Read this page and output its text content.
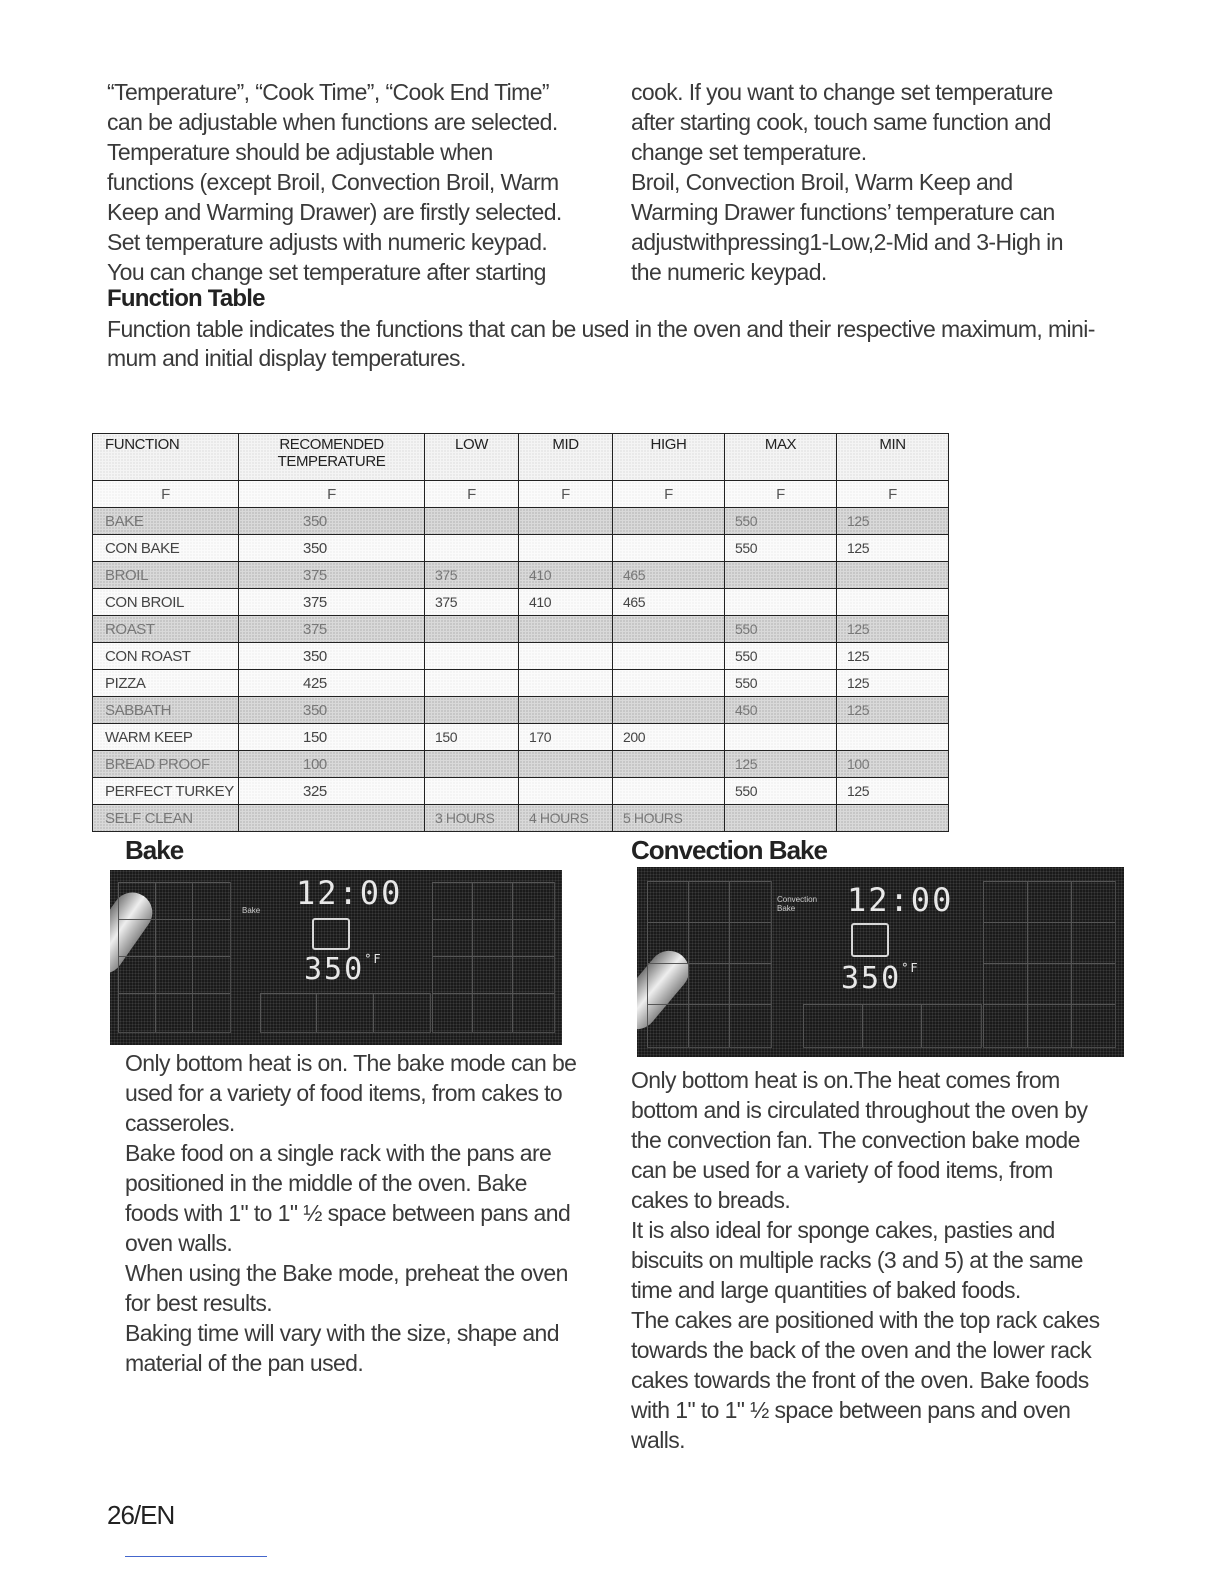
“Temperature”, “Cook Time”, “Cook End Time”

can be adjustable when functions are selected.

Temperature should be adjustable when

functions (except Broil, Convection Broil, Warm

Keep and Warming Drawer) are firstly selected.

Set temperature adjusts with numeric keypad.

You can change set temperature after starting

cook. If you want to change set temperature

after starting cook, touch same function and

change set temperature.

Broil, Convection Broil, Warm Keep and

Warming Drawer functions’ temperature can

adjustwithpressing1-Low,2-Mid and 3-High in

the numeric keypad.

Function Table
Function table indicates the functions that can be used in the oven and their respective maximum, mini-mum and initial display temperatures.
FUNCTION	RECOMENDED TEMPERATURE	LOW	MID	HIGH	MAX	MIN
F	F	F	F	F	F	F
BAKE	350				550	125
CON BAKE	350				550	125
BROIL	375	375	410	465		
CON BROIL	375	375	410	465		
ROAST	375				550	125
CON ROAST	350				550	125
PIZZA	425				550	125
SABBATH	350				450	125
WARM KEEP	150	150	170	200		
BREAD PROOF	100				125	100
PERFECT TURKEY	325				550	125
SELF CLEAN		3 HOURS	4 HOURS	5 HOURS		
Bake
Bake 12:00
$350^{^\circ F}$

Only bottom heat is on. The bake mode can be used for a variety of food items, from cakes to casseroles.

Bake food on a single rack with the pans are positioned in the middle of the oven. Bake foods with 1" to 1" ½ space between pans and oven walls.

When using the Bake mode, preheat the oven for best results.

Baking time will vary with the size, shape and material of the pan used.

Convection Bake
Convection Bake	12:00
$350^{^\circ F}$

Only bottom heat is on.The heat comes from bottom and is circulated throughout the oven by the convection fan. The convection bake mode can be used for a variety of food items, from cakes to breads.

It is also ideal for sponge cakes, pasties and biscuits on multiple racks (3 and 5) at the same time and large quantities of baked foods.

The cakes are positioned with the top rack cakes towards the back of the oven and the lower rack cakes towards the front of the oven. Bake foods with 1" to 1" ½ space between pans and oven walls.

26/EN
